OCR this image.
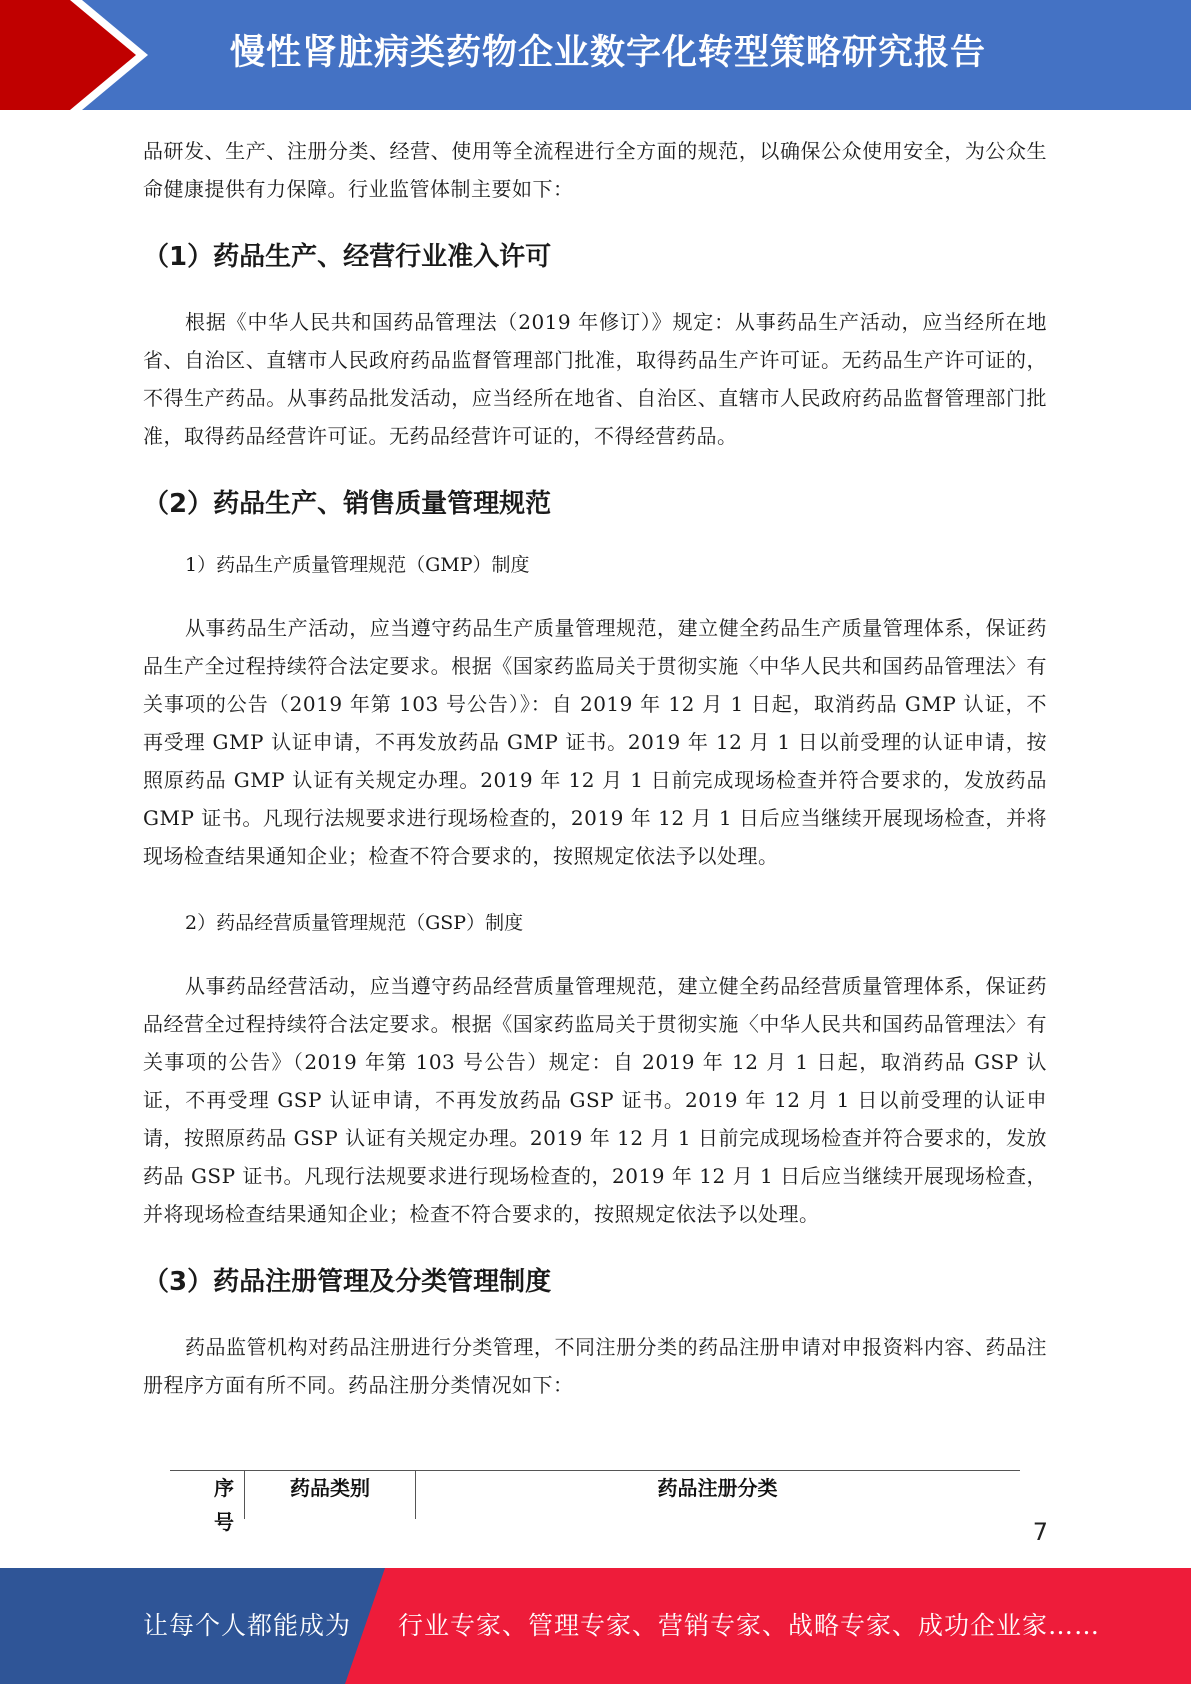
慢性肾脏病类药物企业数字化转型策略研究报告

品研发、生产、注册分类、经营、使用等全流程进行全方面的规范，以确保公众使用安全，为公众生命健康提供有力保障。行业监管体制主要如下：

（1）药品生产、经营行业准入许可

根据《中华人民共和国药品管理法（2019 年修订）》规定：从事药品生产活动，应当经所在地省、自治区、直辖市人民政府药品监督管理部门批准，取得药品生产许可证。无药品生产许可证的，不得生产药品。从事药品批发活动，应当经所在地省、自治区、直辖市人民政府药品监督管理部门批准，取得药品经营许可证。无药品经营许可证的，不得经营药品。

（2）药品生产、销售质量管理规范

1）药品生产质量管理规范（GMP）制度

从事药品生产活动，应当遵守药品生产质量管理规范，建立健全药品生产质量管理体系，保证药品生产全过程持续符合法定要求。根据《国家药监局关于贯彻实施〈中华人民共和国药品管理法〉有关事项的公告（2019 年第 103 号公告）》：自 2019 年 12 月 1 日起，取消药品 GMP 认证，不再受理 GMP 认证申请，不再发放药品 GMP 证书。2019 年 12 月 1 日以前受理的认证申请，按照原药品 GMP 认证有关规定办理。2019 年 12 月 1 日前完成现场检查并符合要求的，发放药品 GMP 证书。凡现行法规要求进行现场检查的，2019 年 12 月 1 日后应当继续开展现场检查，并将现场检查结果通知企业；检查不符合要求的，按照规定依法予以处理。

2）药品经营质量管理规范（GSP）制度

从事药品经营活动，应当遵守药品经营质量管理规范，建立健全药品经营质量管理体系，保证药品经营全过程持续符合法定要求。根据《国家药监局关于贯彻实施〈中华人民共和国药品管理法〉有关事项的公告》（2019 年第 103 号公告）规定：自 2019 年 12 月 1 日起，取消药品 GSP 认证，不再受理 GSP 认证申请，不再发放药品 GSP 证书。2019 年 12 月 1 日以前受理的认证申请，按照原药品 GSP 认证有关规定办理。2019 年 12 月 1 日前完成现场检查并符合要求的，发放药品 GSP 证书。凡现行法规要求进行现场检查的，2019 年 12 月 1 日后应当继续开展现场检查，并将现场检查结果通知企业；检查不符合要求的，按照规定依法予以处理。

（3）药品注册管理及分类管理制度

药品监管机构对药品注册进行分类管理，不同注册分类的药品注册申请对申报资料内容、药品注册程序方面有所不同。药品注册分类情况如下：

序号
药品类别	药品注册分类
7
让每个人都能成为 行业专家、管理专家、营销专家、战略专家、成功企业家……
